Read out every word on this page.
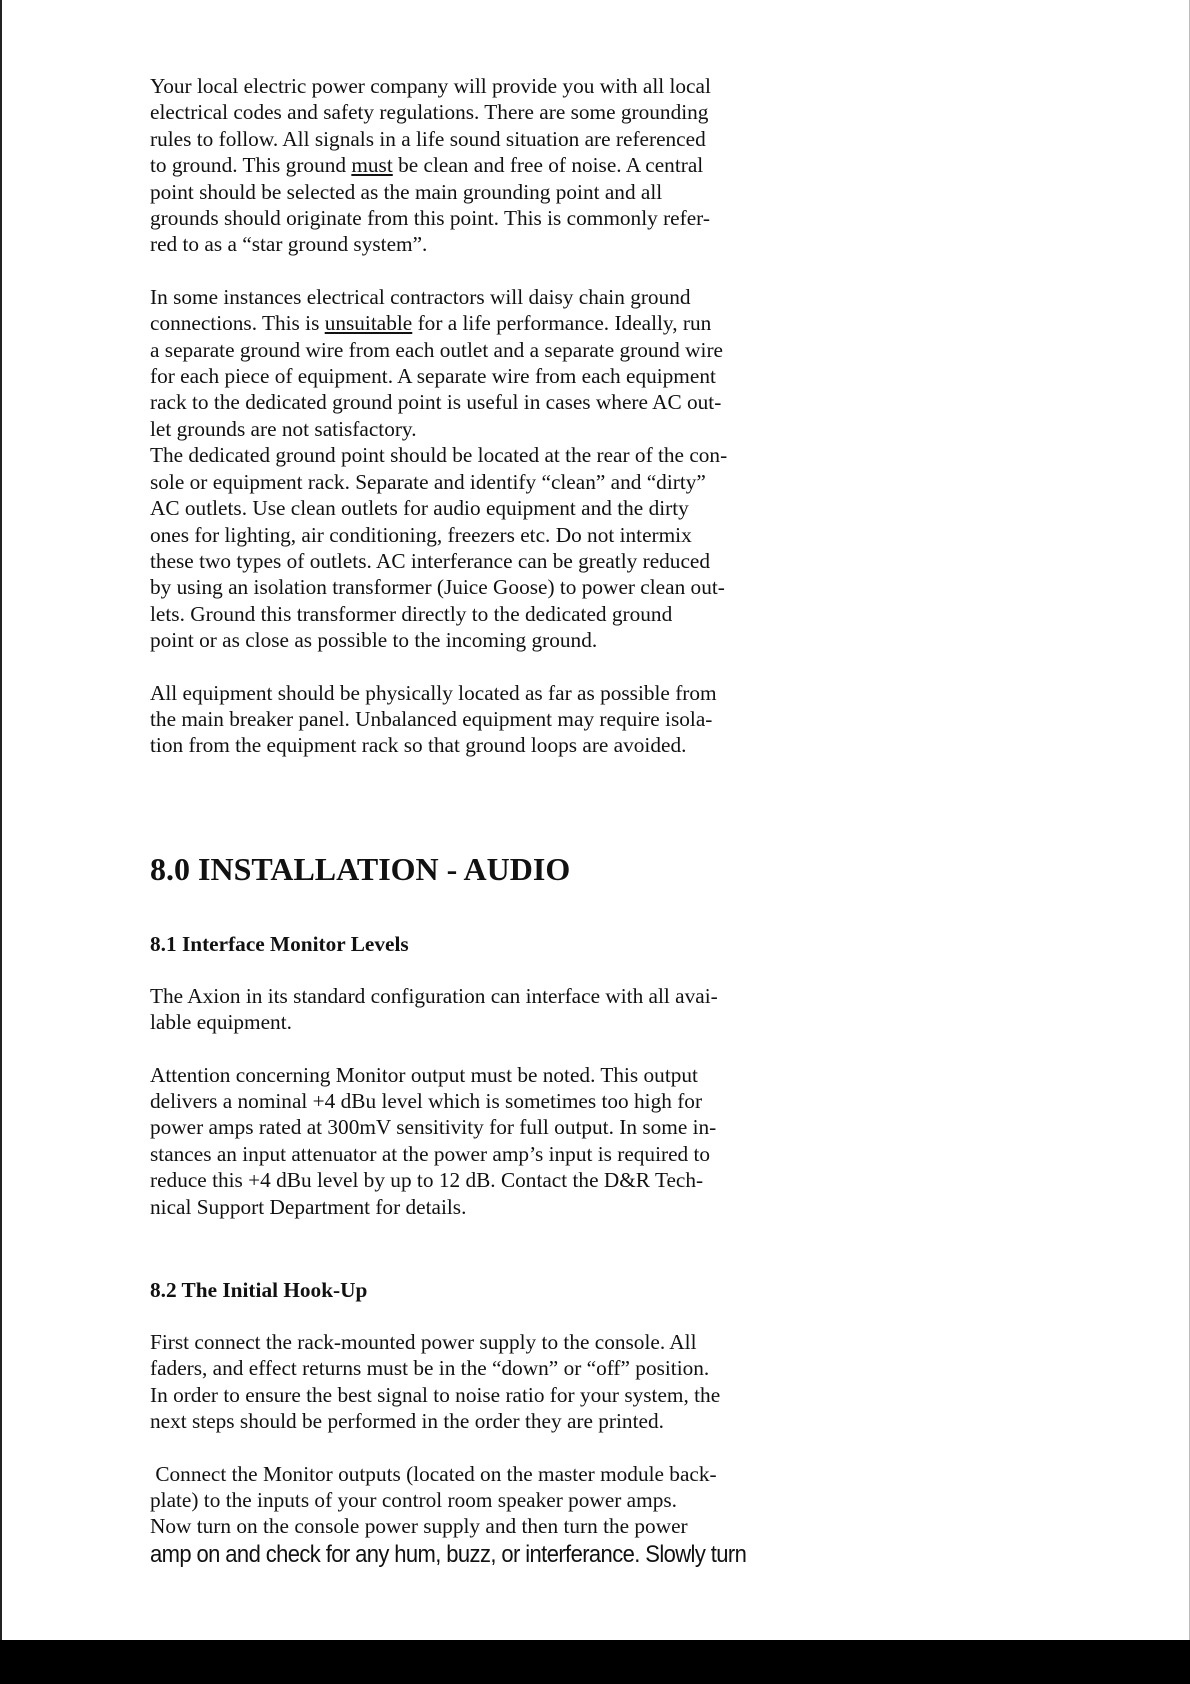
Your local electric power company will provide you with all local
electrical codes and safety regulations. There are some grounding
rules to follow. All signals in a life sound situation are referenced
to ground. This ground must be clean and free of noise. A central
point should be selected as the main grounding point and all
grounds should originate from this point. This is commonly refer-
red to as a “star ground system”.

In some instances electrical contractors will daisy chain ground
connections. This is unsuitable for a life performance. Ideally, run
a separate ground wire from each outlet and a separate ground wire
for each piece of equipment. A separate wire from each equipment
rack to the dedicated ground point is useful in cases where AC out-
let grounds are not satisfactory.

The dedicated ground point should be located at the rear of the con-
sole or equipment rack. Separate and identify “clean” and “dirty”
AC outlets. Use clean outlets for audio equipment and the dirty
ones for lighting, air conditioning, freezers etc. Do not intermix
these two types of outlets. AC interferance can be greatly reduced
by using an isolation transformer (Juice Goose) to power clean out-
lets. Ground this transformer directly to the dedicated ground
point or as close as possible to the incoming ground.

All equipment should be physically located as far as possible from
the main breaker panel. Unbalanced equipment may require isola-
tion from the equipment rack so that ground loops are avoided.

8.0 INSTALLATION - AUDIO
8.1 Interface Monitor Levels

The Axion in its standard configuration can interface with all avai-
lable equipment.

Attention concerning Monitor output must be noted. This output
delivers a nominal +4 dBu level which is sometimes too high for
power amps rated at 300mV sensitivity for full output. In some in-
stances an input attenuator at the power amp’s input is required to
reduce this +4 dBu level by up to 12 dB. Contact the D&R Tech-
nical Support Department for details.

8.2 The Initial Hook-Up

First connect the rack-mounted power supply to the console. All
faders, and effect returns must be in the “down” or “off” position.
In order to ensure the best signal to noise ratio for your system, the
next steps should be performed in the order they are printed.

Connect the Monitor outputs (located on the master module back-
plate) to the inputs of your control room speaker power amps.
Now turn on the console power supply and then turn the power
amp on and check for any hum, buzz, or interferance. Slowly turn
